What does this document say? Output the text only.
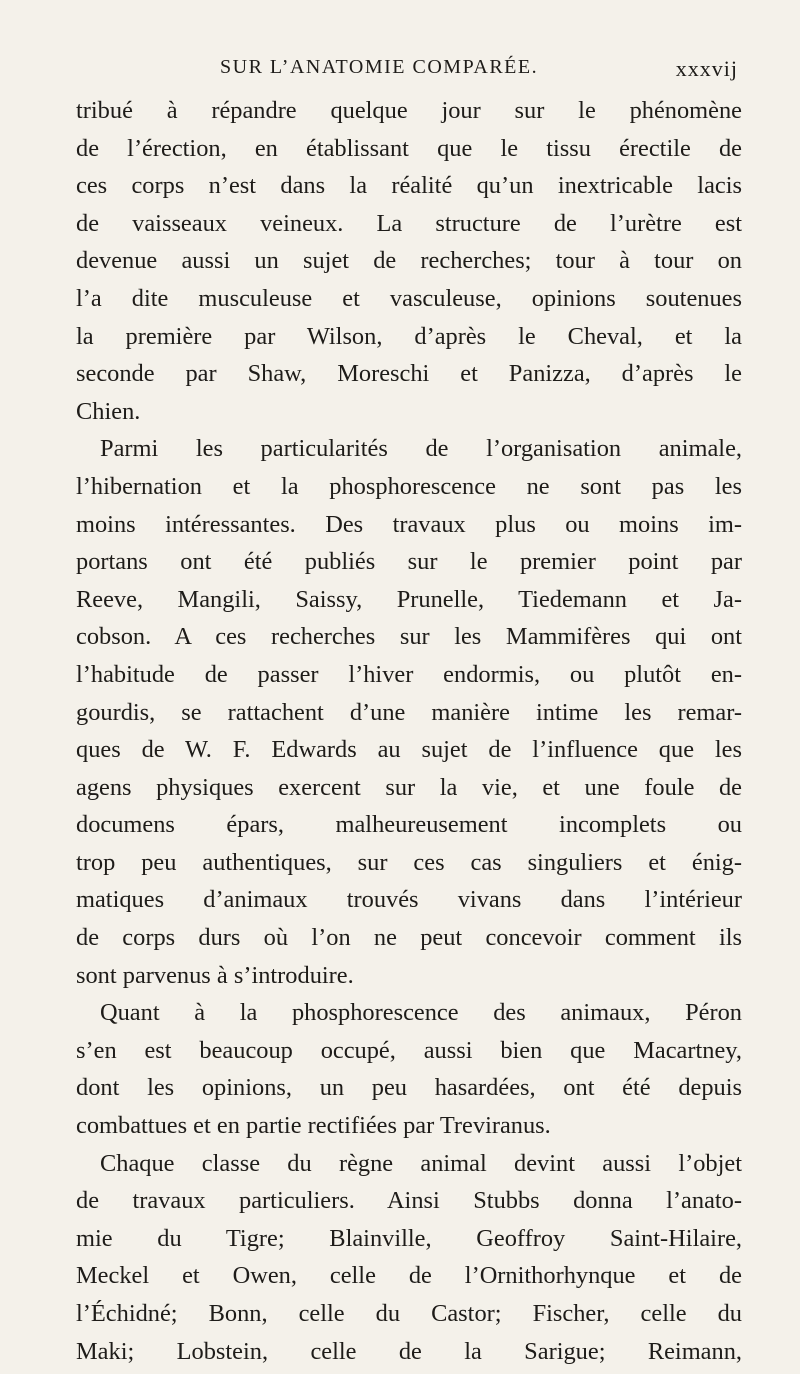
SUR L’ANATOMIE COMPARÉE.	xxxvij
tribué à répandre quelque jour sur le phénomène
de l’érection, en établissant que le tissu érectile de
ces corps n’est dans la réalité qu’un inextricable lacis
de vaisseaux veineux. La structure de l’urètre est
devenue aussi un sujet de recherches; tour à tour on
l’a dite musculeuse et vasculeuse, opinions soutenues
la première par Wilson, d’après le Cheval, et la
seconde par Shaw, Moreschi et Panizza, d’après le
Chien.
Parmi les particularités de l’organisation animale,
l’hibernation et la phosphorescence ne sont pas les
moins intéressantes. Des travaux plus ou moins im-
portans ont été publiés sur le premier point par
Reeve, Mangili, Saissy, Prunelle, Tiedemann et Ja-
cobson. A ces recherches sur les Mammifères qui ont
l’habitude de passer l’hiver endormis, ou plutôt en-
gourdis, se rattachent d’une manière intime les remar-
ques de W. F. Edwards au sujet de l’influence que les
agens physiques exercent sur la vie, et une foule de
documens épars, malheureusement incomplets ou
trop peu authentiques, sur ces cas singuliers et énig-
matiques d’animaux trouvés vivans dans l’intérieur
de corps durs où l’on ne peut concevoir comment ils
sont parvenus à s’introduire.
Quant à la phosphorescence des animaux, Péron
s’en est beaucoup occupé, aussi bien que Macartney,
dont les opinions, un peu hasardées, ont été depuis
combattues et en partie rectifiées par Treviranus.
Chaque classe du règne animal devint aussi l’objet
de travaux particuliers. Ainsi Stubbs donna l’anato-
mie du Tigre; Blainville, Geoffroy Saint-Hilaire,
Meckel et Owen, celle de l’Ornithorhynque et de
l’Échidné; Bonn, celle du Castor; Fischer, celle du
Maki; Lobstein, celle de la Sarigue; Reimann,
